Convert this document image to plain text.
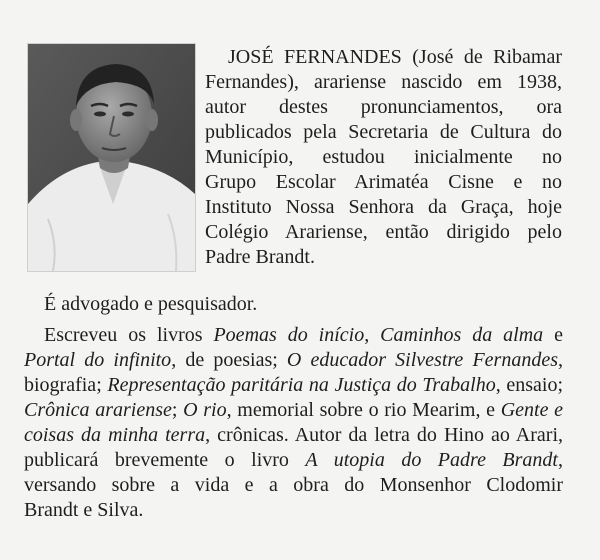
JOSÉ FERNANDES (José de Ribamar
Fernandes), arariense nascido em 1938,
autor destes pronunciamentos, ora
publicados pela Secretaria de Cultura do
Município, estudou inicialmente no
Grupo Escolar Arimatéa Cisne e no
Instituto Nossa Senhora da Graça, hoje
Colégio Arariense, então dirigido pelo
Padre Brandt.
É advogado e pesquisador.
Escreveu os livros Poemas do início, Caminhos da alma e
Portal do infinito, de poesias; O educador Silvestre Fernandes,
biografia; Representação paritária na Justiça do Trabalho, ensaio;
Crônica arariense; O rio, memorial sobre o rio Mearim, e Gente e
coisas da minha terra, crônicas. Autor da letra do Hino ao Arari,
publicará brevemente o livro A utopia do Padre Brandt,
versando sobre a vida e a obra do Monsenhor Clodomir
Brandt e Silva.
